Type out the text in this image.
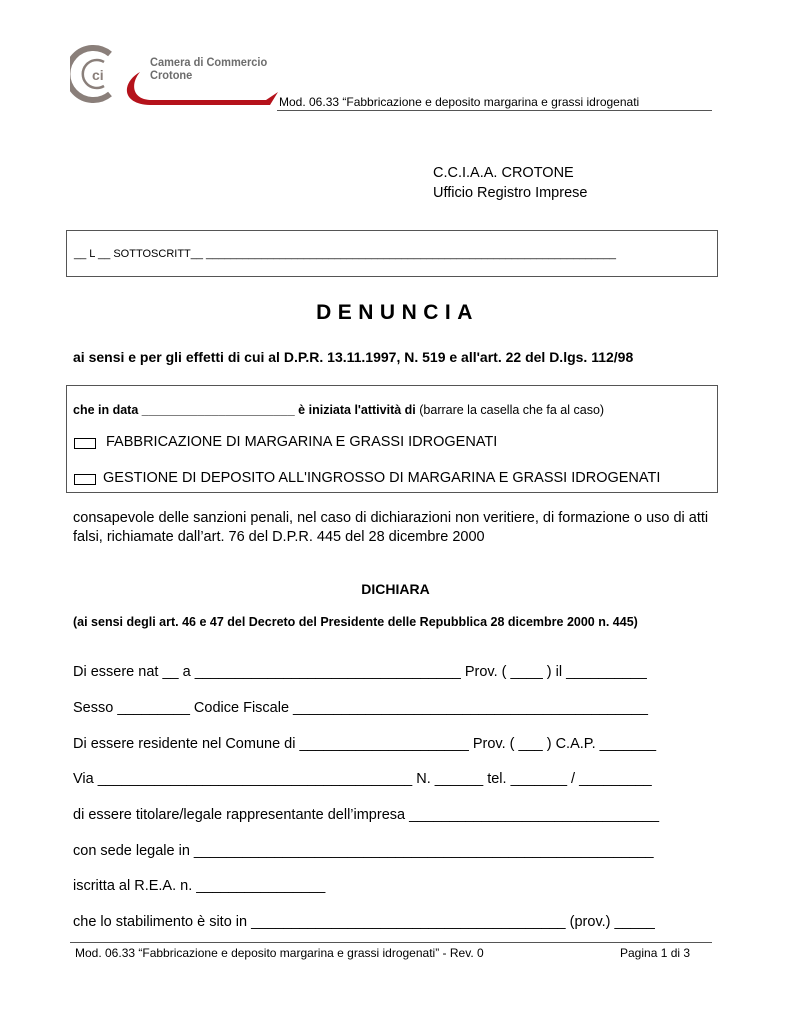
ci
Camera di Commercio
Crotone
Mod. 06.33 “Fabbricazione e deposito margarina e grassi idrogenati
C.C.I.A.A. CROTONE
Ufficio Registro Imprese
__ L __ SOTTOSCRITT__ ___________________________________________________________________
DENUNCIA
ai sensi e per gli effetti di cui al D.P.R. 13.11.1997, N. 519 e all'art. 22 del D.lgs. 112/98
che in data ______________________ è iniziata l'attività di (barrare la casella che fa al caso)
FABBRICAZIONE DI MARGARINA E GRASSI IDROGENATI
GESTIONE DI DEPOSITO ALL'INGROSSO DI MARGARINA E GRASSI IDROGENATI
consapevole delle sanzioni penali, nel caso di dichiarazioni non veritiere, di formazione o uso di atti falsi, richiamate dall’art. 76 del D.P.R. 445 del 28 dicembre 2000
DICHIARA
(ai sensi degli art. 46 e 47 del Decreto del Presidente delle Repubblica 28 dicembre 2000 n. 445)
Di essere nat __ a _________________________________ Prov. ( ____ ) il __________
Sesso _________ Codice Fiscale ____________________________________________
Di essere residente nel Comune di _____________________ Prov. ( ___ ) C.A.P. _______
Via _______________________________________ N. ______ tel. _______ / _________
di essere titolare/legale rappresentante dell’impresa _______________________________
con sede legale in _________________________________________________________
iscritta al R.E.A. n. ________________
che lo stabilimento è sito in _______________________________________ (prov.) _____
Mod. 06.33 “Fabbricazione e deposito margarina e grassi idrogenati” - Rev. 0	Pagina 1 di 3
